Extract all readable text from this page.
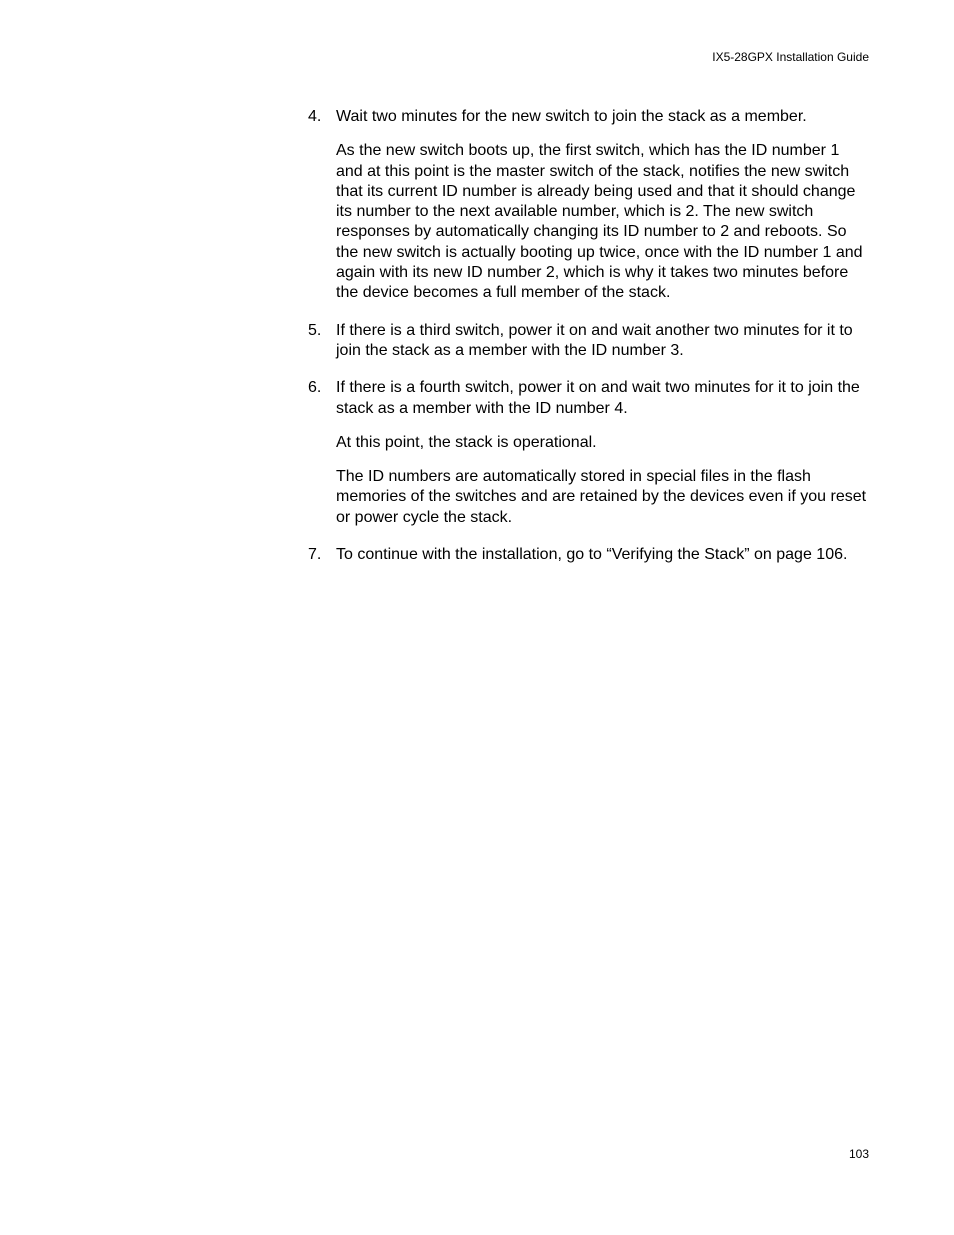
IX5-28GPX Installation Guide
4. Wait two minutes for the new switch to join the stack as a member.

As the new switch boots up, the first switch, which has the ID number 1 and at this point is the master switch of the stack, notifies the new switch that its current ID number is already being used and that it should change its number to the next available number, which is 2. The new switch responses by automatically changing its ID number to 2 and reboots. So the new switch is actually booting up twice, once with the ID number 1 and again with its new ID number 2, which is why it takes two minutes before the device becomes a full member of the stack.

5. If there is a third switch, power it on and wait another two minutes for it to join the stack as a member with the ID number 3.

6. If there is a fourth switch, power it on and wait two minutes for it to join the stack as a member with the ID number 4.

At this point, the stack is operational.

The ID numbers are automatically stored in special files in the flash memories of the switches and are retained by the devices even if you reset or power cycle the stack.

7. To continue with the installation, go to “Verifying the Stack” on page 106.

103
